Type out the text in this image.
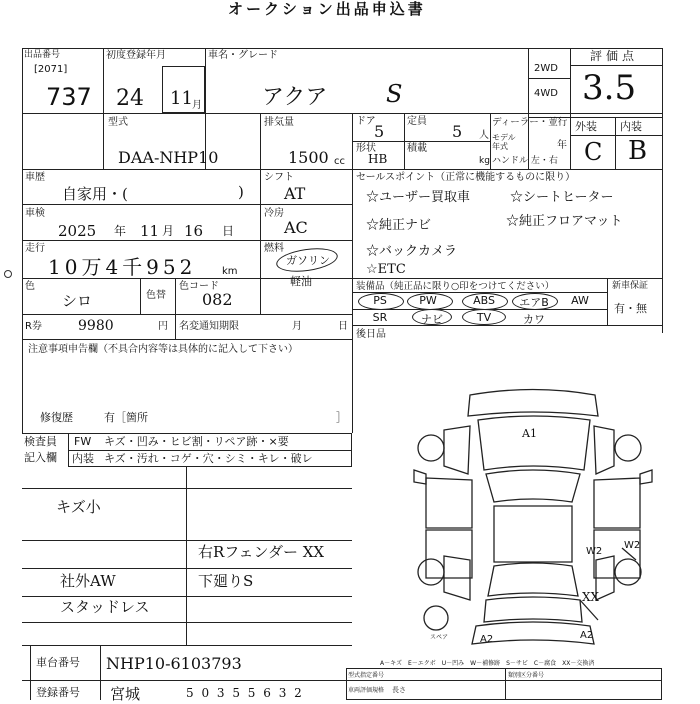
オークション出品申込書
出品番号
[2071]
737
初度登録年月
24 11 月
車名・グレード
アクア S
2WD
4WD
評価点
3.5
外装 内装
C B
型式
DAA-NHP10
排気量
1500 cc
ドア
5
定員
5 人
形状
HB
積載
kg
ディーラー・並行
モデル年式	年
ハンドル 左・右
車歴
自家用・(	)
シフト
AT
車検
2025 年 11 月 16 日
冷房
AC
走行
10万4千952	km
燃料
ガソリン
軽油
色
シロ	色替
色コード
082
R券	9980	円 名変通知期限	月	日
セールスポイント（正常に機能するものに限り）
☆ユーザー買取車	☆シートヒーター
☆純正ナビ	☆純正フロアマット
☆バックカメラ
☆ETC
装備品（純正品に限り○印をつけてください）	新車保証
有・無
PS	PW	ABS	エアB	AW
SR	ナビ	TV	カワ
後日品
注意事項申告欄（不具合内容等は具体的に記入して下さい）
修復歴	有［箇所	］
検査員
記入欄
FW キズ・凹み・ヒビ割・リペア跡・×要
内装 キズ・汚れ・コゲ・穴・シミ・キレ・破レ
キズ小
右Rフェンダー XX
社外AW	下廻りS
スタッドレス
A1
W2
W2
XX
A2	A2
スペア
A－キズ　E－エクボ　U－凹み　W－補修跡　S－サビ　C－腐食　XX－交換済
車台番号 NHP10-6103793
登録番号 宮城	5 0 3 5 5 6 3 2
型式指定番号	類別区分番号
車両評価規格 長さ
